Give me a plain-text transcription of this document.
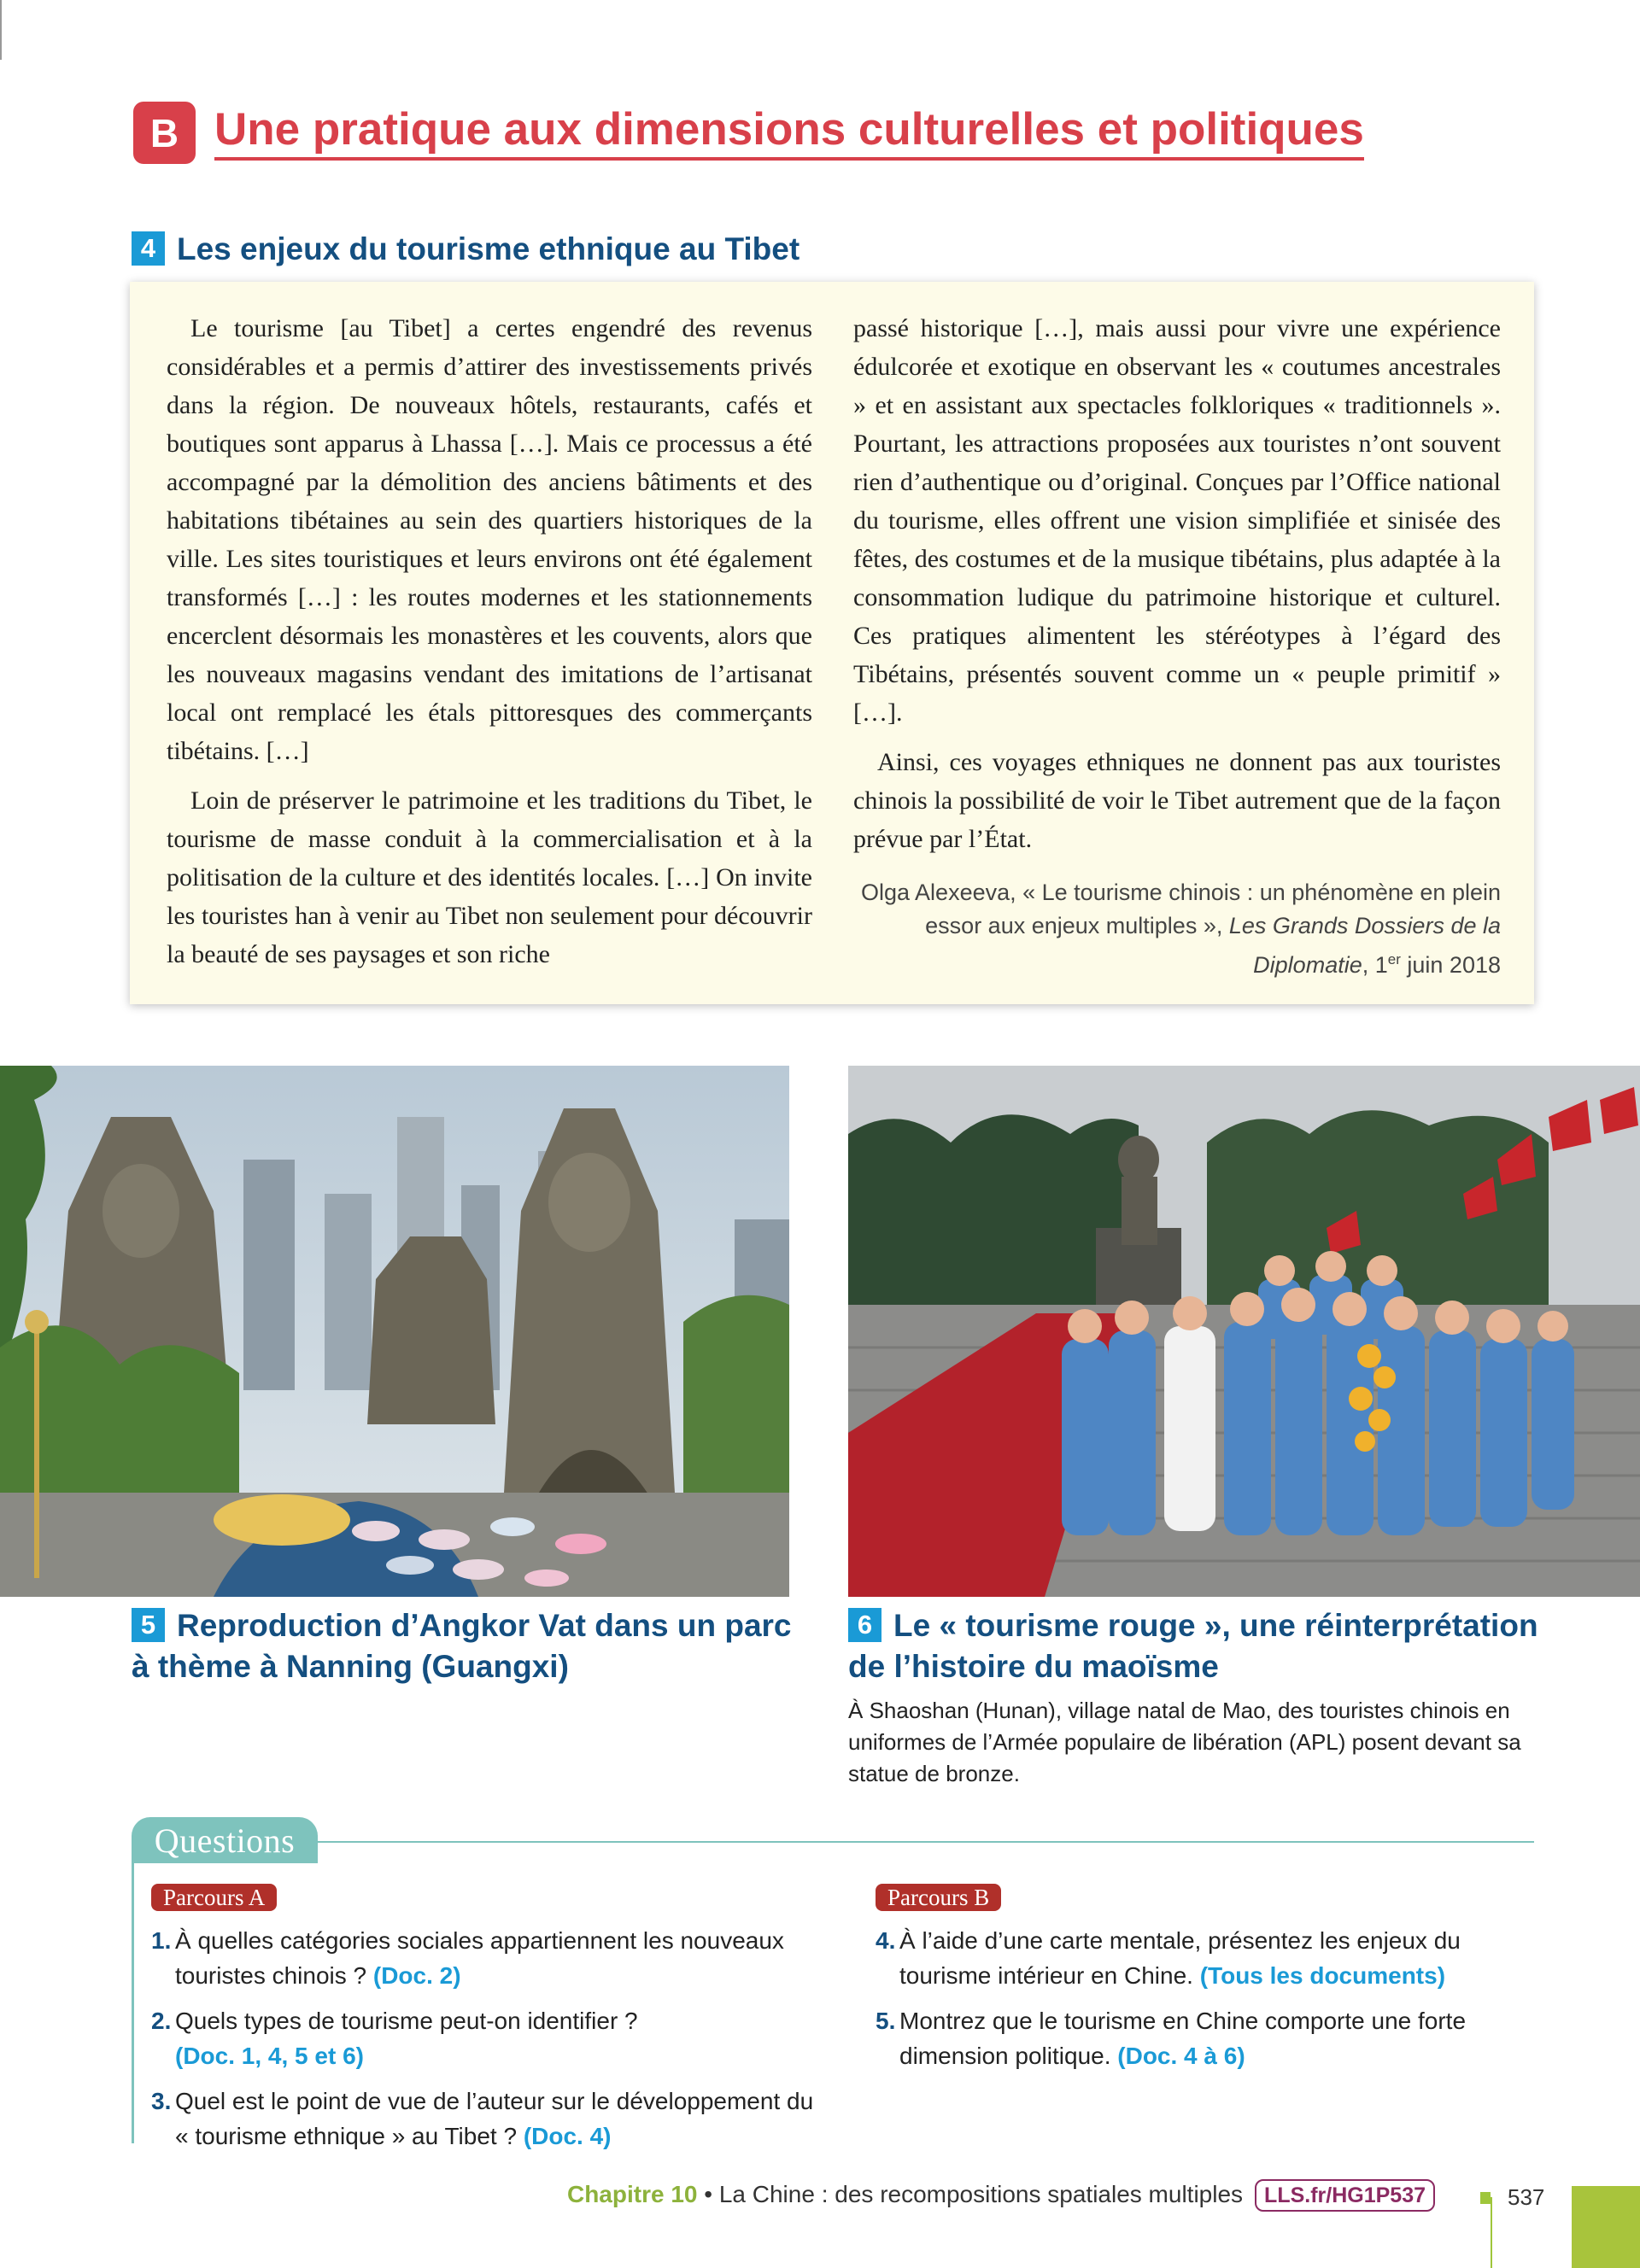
B Une pratique aux dimensions culturelles et politiques
4 Les enjeux du tourisme ethnique au Tibet

Le tourisme [au Tibet] a certes engendré des revenus considérables et a permis d’attirer des investissements privés dans la région. De nouveaux hôtels, restaurants, cafés et boutiques sont apparus à Lhassa […]. Mais ce processus a été accompagné par la démolition des anciens bâtiments et des habitations tibétaines au sein des quartiers historiques de la ville. Les sites touristiques et leurs environs ont été également transformés […] : les routes modernes et les stationnements encerclent désormais les monastères et les couvents, alors que les nouveaux magasins vendant des imitations de l’artisanat local ont remplacé les étals pittoresques des commerçants tibétains. […]

Loin de préserver le patrimoine et les traditions du Tibet, le tourisme de masse conduit à la commercialisation et à la politisation de la culture et des identités locales. […] On invite les touristes han à venir au Tibet non seulement pour découvrir la beauté de ses paysages et son riche

passé historique […], mais aussi pour vivre une expérience édulcorée et exotique en observant les « coutumes ancestrales » et en assistant aux spectacles folkloriques « traditionnels ». Pourtant, les attractions proposées aux touristes n’ont souvent rien d’authentique ou d’original. Conçues par l’Office national du tourisme, elles offrent une vision simplifiée et sinisée des fêtes, des costumes et de la musique tibétains, plus adaptée à la consommation ludique du patrimoine historique et culturel. Ces pratiques alimentent les stéréotypes à l’égard des Tibétains, présentés souvent comme un « peuple primitif » […].

Ainsi, ces voyages ethniques ne donnent pas aux touristes chinois la possibilité de voir le Tibet autrement que de la façon prévue par l’État.

Olga Alexeeva, « Le tourisme chinois : un phénomène en plein essor aux enjeux multiples », Les Grands Dossiers de la Diplomatie, 1er juin 2018
5 Reproduction d’Angkor Vat dans un parc à thème à Nanning (Guangxi)
6 Le « tourisme rouge », une réinterprétation de l’histoire du maoïsme
À Shaoshan (Hunan), village natal de Mao, des touristes chinois en uniformes de l’Armée populaire de libération (APL) posent devant sa statue de bronze.
Questions
Parcours A
1. À quelles catégories sociales appartiennent les nouveaux touristes chinois ? (Doc. 2)
2. Quels types de tourisme peut-on identifier ?
(Doc. 1, 4, 5 et 6)
3. Quel est le point de vue de l’auteur sur le développement du « tourisme ethnique » au Tibet ? (Doc. 4)
Parcours B
4. À l’aide d’une carte mentale, présentez les enjeux du tourisme intérieur en Chine. (Tous les documents)
5. Montrez que le tourisme en Chine comporte une forte dimension politique. (Doc. 4 à 6)
Chapitre 10 • La Chine : des recompositions spatiales multiples LLS.fr/HG1P537	537
